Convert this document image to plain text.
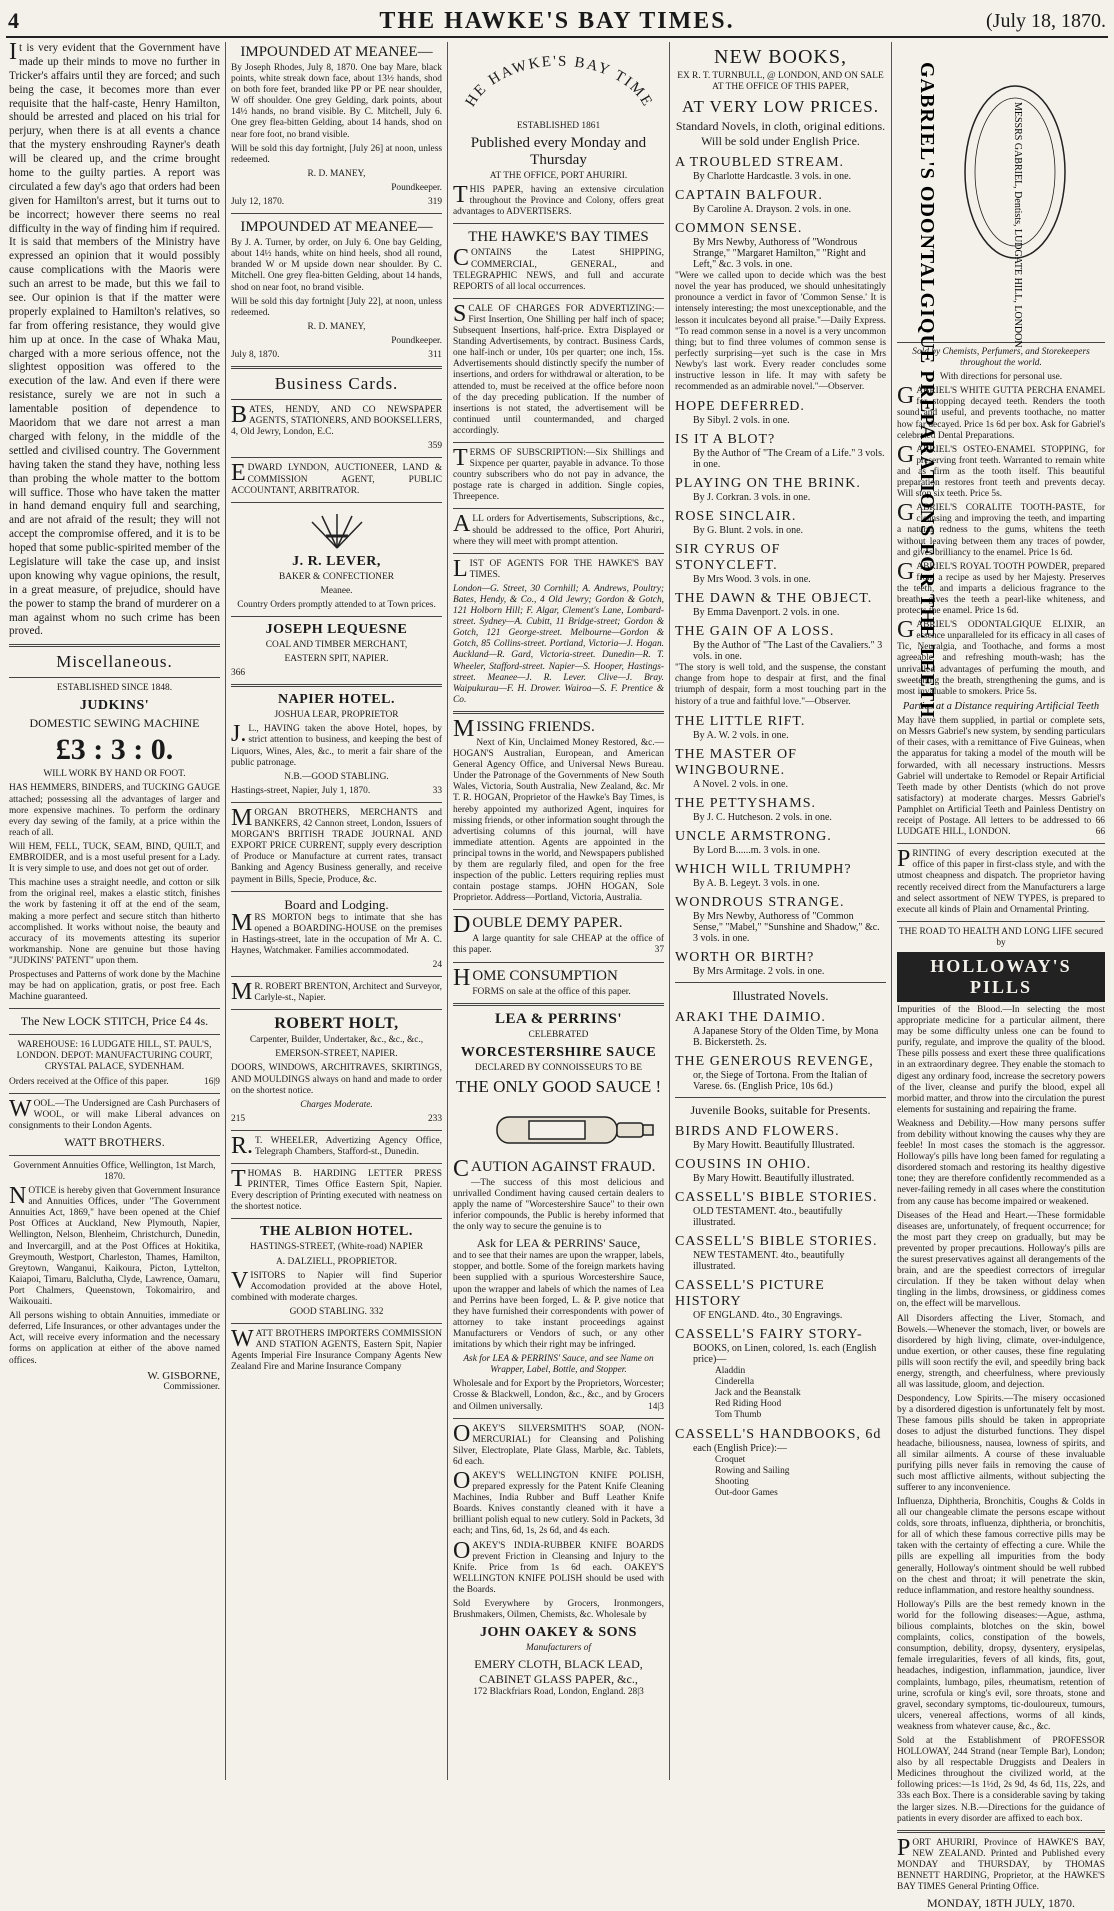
4	THE HAWKE'S BAY TIMES.	(July 18, 1870.

It is very evident that the Government have made up their minds to move no further in Tricker's affairs until they are forced; and such being the case, it becomes more than ever requisite that the half-caste, Henry Hamilton, should be arrested and placed on his trial for perjury, when there is at all events a chance that the mystery enshrouding Rayner's death will be cleared up, and the crime brought home to the guilty parties. A report was circulated a few day's ago that orders had been given for Hamilton's arrest, but it turns out to be incorrect; however there seems no real difficulty in the way of finding him if required. It is said that members of the Ministry have expressed an opinion that it would possibly cause complications with the Maoris were such an arrest to be made, but this we fail to see. Our opinion is that if the matter were properly explained to Hamilton's relatives, so far from offering resistance, they would give him up at once. In the case of Whaka Mau, charged with a more serious offence, not the slightest opposition was offered to the execution of the law. And even if there were resistance, surely we are not in such a lamentable position of dependence to Maoridom that we dare not arrest a man charged with felony, in the middle of the settled and civilised country. The Government having taken the stand they have, nothing less than probing the whole matter to the bottom will suffice. Those who have taken the matter in hand demand enquiry full and searching, and are not afraid of the result; they will not accept the compromise offered, and it is to be hoped that some public-spirited member of the Legislature will take the case up, and insist upon knowing why vague opinions, the result, in a great measure, of prejudice, should have the power to stamp the brand of murderer on a man against whom no such crime has been proved.

Miscellaneous.
ESTABLISHED SINCE 1848.
JUDKINS'
DOMESTIC SEWING MACHINE
£3 : 3 : 0.
WILL WORK BY HAND OR FOOT.

HAS HEMMERS, BINDERS, and TUCKING GAUGE attached; possessing all the advantages of larger and more expensive machines. To perform the ordinary every day sewing of the family, at a price within the reach of all.

Will HEM, FELL, TUCK, SEAM, BIND, QUILT, and EMBROIDER, and is a most useful present for a Lady. It is very simple to use, and does not get out of order.

This machine uses a straight needle, and cotton or silk from the original reel, makes a elastic stitch, finishes the work by fastening it off at the end of the seam, making a more perfect and secure stitch than hitherto accomplished. It works without noise, the beauty and accuracy of its movements attesting its superior workmanship. None are genuine but those having "JUDKINS' PATENT" upon them.

Prospectuses and Patterns of work done by the Machine may be had on application, gratis, or post free. Each Machine guaranteed.

The New LOCK STITCH, Price £4 4s.

WAREHOUSE: 16 LUDGATE HILL, ST. PAUL'S, LONDON. DEPOT: MANUFACTURING COURT, CRYSTAL PALACE, SYDENHAM.

Orders received at the Office of this paper.	16|9

WOOL.—The Undersigned are Cash Purchasers of WOOL, or will make Liberal advances on consignments to their London Agents.

WATT BROTHERS.

Government Annuities Office, Wellington, 1st March, 1870.

NOTICE is hereby given that Government Insurance and Annuities Offices, under "The Government Annuities Act, 1869," have been opened at the Chief Post Offices at Auckland, New Plymouth, Napier, Wellington, Nelson, Blenheim, Christchurch, Dunedin, and Invercargill, and at the Post Offices at Hokitika, Greymouth, Westport, Charleston, Thames, Hamilton, Greytown, Wanganui, Kaikoura, Picton, Lyttelton, Kaiapoi, Timaru, Balclutha, Clyde, Lawrence, Oamaru, Port Chalmers, Queenstown, Tokomairiro, and Waikouaiti.

All persons wishing to obtain Annuities, immediate or deferred, Life Insurances, or other advantages under the Act, will receive every information and the necessary forms on application at either of the above named offices.

W. GISBORNE,
Commissioner.
IMPOUNDED AT MEANEE—

By Joseph Rhodes, July 8, 1870. One bay Mare, black points, white streak down face, about 13½ hands, shod on both fore feet, branded like PP or PE near shoulder, W off shoulder. One grey Gelding, dark points, about 14½ hands, no brand visible. By C. Mitchell, July 6. One grey flea-bitten Gelding, about 14 hands, shod on near fore foot, no brand visible.

Will be sold this day fortnight, [July 26] at noon, unless redeemed.

R. D. MANEY,
Poundkeeper.

July 12, 1870.	319

IMPOUNDED AT MEANEE—

By J. A. Turner, by order, on July 6. One bay Gelding, about 14½ hands, white on hind heels, shod all round, branded W or M upside down near shoulder. By C. Mitchell. One grey flea-bitten Gelding, about 14 hands, shod on near foot, no brand visible.

Will be sold this day fortnight [July 22], at noon, unless redeemed.

R. D. MANEY,
Poundkeeper.

July 8, 1870.	311

Business Cards.

BATES, HENDY, AND CO NEWSPAPER AGENTS, STATIONERS, AND BOOKSELLERS, 4, Old Jewry, London, E.C.

359

EDWARD LYNDON, AUCTIONEER, LAND & COMMISSION AGENT, PUBLIC ACCOUNTANT, ARBITRATOR.

J. R. LEVER,
BAKER & CONFECTIONER
Meanee.

Country Orders promptly attended to at Town prices.

JOSEPH LEQUESNE
COAL AND TIMBER MERCHANT,
EASTERN SPIT, NAPIER.
366
NAPIER HOTEL.
JOSHUA LEAR, PROPRIETOR

J.L., HAVING taken the above Hotel, hopes, by strict attention to business, and keeping the best of Liquors, Wines, Ales, &c., to merit a fair share of the public patronage.

N.B.—GOOD STABLING.

Hastings-street, Napier, July 1, 1870.	33

MORGAN BROTHERS, MERCHANTS and BANKERS, 42 Cannon street, London, Issuers of MORGAN'S BRITISH TRADE JOURNAL AND EXPORT PRICE CURRENT, supply every description of Produce or Manufacture at current rates, transact Banking and Agency Business generally, and receive payment in Bills, Specie, Produce, &c.

Board and Lodging.

MRS MORTON begs to intimate that she has opened a BOARDING-HOUSE on the premises in Hastings-street, late in the occupation of Mr A. C. Haynes, Watchmaker. Families accommodated.

24

MR. ROBERT BRENTON, Architect and Surveyor, Carlyle-st., Napier.

ROBERT HOLT,
Carpenter, Builder, Undertaker, &c., &c., &c.,
EMERSON-STREET, NAPIER.

DOORS, WINDOWS, ARCHITRAVES, SKIRTINGS, AND MOULDINGS always on hand and made to order on the shortest notice.

Charges Moderate.

215	233

R.T. WHEELER, Advertizing Agency Office, Telegraph Chambers, Stafford-st., Dunedin.

THOMAS B. HARDING LETTER PRESS PRINTER, Times Office Eastern Spit, Napier. Every description of Printing executed with neatness on the shortest notice.

THE ALBION HOTEL.
HASTINGS-STREET, (White-road) NAPIER
A. DALZIELL, PROPRIETOR.

VISITORS to Napier will find Superior Accomodation provided at the above Hotel, combined with moderate charges.

GOOD STABLING. 332

WATT BROTHERS IMPORTERS COMMISSION AND STATION AGENTS, Eastern Spit, Napier Agents Imperial Fire Insurance Company Agents New Zealand Fire and Marine Insurance Company

HE HAWKE'S BAY TIME
ESTABLISHED 1861
Published every Monday and Thursday
AT THE OFFICE, PORT AHURIRI.

THIS PAPER, having an extensive circulation throughout the Province and Colony, offers great advantages to ADVERTISERS.

THE HAWKE'S BAY TIMES

CONTAINS the Latest SHIPPING, COMMERCIAL, GENERAL, and TELEGRAPHIC NEWS, and full and accurate REPORTS of all local occurrences.

SCALE OF CHARGES FOR ADVERTIZING:— First Insertion, One Shilling per half inch of space; Subsequent Insertions, half-price. Extra Displayed or Standing Advertisements, by contract. Business Cards, one half-inch or under, 10s per quarter; one inch, 15s. Advertisements should distinctly specify the number of insertions, and orders for withdrawal or alteration, to be attended to, must be received at the office before noon of the day preceding publication. If the number of insertions is not stated, the advertisement will be continued until countermanded, and charged accordingly.

TERMS OF SUBSCRIPTION:—Six Shillings and Sixpence per quarter, payable in advance. To those country subscribers who do not pay in advance, the postage rate is charged in addition. Single copies, Threepence.

ALL orders for Advertisements, Subscriptions, &c., should be addressed to the office, Port Ahuriri, where they will meet with prompt attention.

LIST OF AGENTS FOR THE HAWKE'S BAY TIMES.

London—G. Street, 30 Cornhill; A. Andrews, Poultry; Bates, Hendy, & Co., 4 Old Jewry; Gordon & Gotch, 121 Holborn Hill; F. Algar, Clement's Lane, Lombard-street. Sydney—A. Cubitt, 11 Bridge-street; Gordon & Gotch, 121 George-street. Melbourne—Gordon & Gotch, 85 Collins-street. Portland, Victoria—J. Hogan. Auckland—R. Gard, Victoria-street. Dunedin—R. T. Wheeler, Stafford-street. Napier—S. Hooper, Hastings-street. Meanee—J. R. Lever. Clive—J. Bray. Waipukurau—F. H. Drower. Wairoa—S. F. Prentice & Co.

MISSING FRIENDS.

Next of Kin, Unclaimed Money Restored, &c.—HOGAN'S Australian, European, and American General Agency Office, and Universal News Bureau. Under the Patronage of the Governments of New South Wales, Victoria, South Australia, New Zealand, &c. Mr T. R. HOGAN, Proprietor of the Hawke's Bay Times, is hereby appointed my authorized Agent, inquires for missing friends, or other information sought through the advertising columns of this journal, will have immediate attention. Agents are appointed in the principal towns in the world, and Newspapers published by them are regularly filed, and open for the free inspection of the public. Letters requiring replies must contain postage stamps. JOHN HOGAN, Sole Proprietor. Address—Portland, Victoria, Australia.

DOUBLE DEMY PAPER.

A large quantity for sale CHEAP at the office of this paper.	37

HOME CONSUMPTION

FORMS on sale at the office of this paper.

LEA & PERRINS'
CELEBRATED
WORCESTERSHIRE SAUCE
DECLARED BY CONNOISSEURS TO BE
THE ONLY GOOD SAUCE !
CAUTION AGAINST FRAUD.

—The success of this most delicious and unrivalled Condiment having caused certain dealers to apply the name of "Worcestershire Sauce" to their own inferior compounds, the Public is hereby informed that the only way to secure the genuine is to

Ask for LEA & PERRINS' Sauce,

and to see that their names are upon the wrapper, labels, stopper, and bottle. Some of the foreign markets having been supplied with a spurious Worcestershire Sauce, upon the wrapper and labels of which the names of Lea and Perrins have been forged, L. & P. give notice that they have furnished their correspondents with power of attorney to take instant proceedings against Manufacturers or Vendors of such, or any other imitations by which their right may be infringed.

Ask for LEA & PERRINS' Sauce, and see Name on Wrapper, Label, Bottle, and Stopper.

Wholesale and for Export by the Proprietors, Worcester; Crosse & Blackwell, London, &c., &c., and by Grocers and Oilmen universally.	14|3

OAKEY'S SILVERSMITH'S SOAP, (NON-MERCURIAL) for Cleansing and Polishing Silver, Electroplate, Plate Glass, Marble, &c. Tablets, 6d each.

OAKEY'S WELLINGTON KNIFE POLISH, prepared expressly for the Patent Knife Cleaning Machines, India Rubber and Buff Leather Knife Boards. Knives constantly cleaned with it have a brilliant polish equal to new cutlery. Sold in Packets, 3d each; and Tins, 6d, 1s, 2s 6d, and 4s each.

OAKEY'S INDIA-RUBBER KNIFE BOARDS prevent Friction in Cleansing and Injury to the Knife. Price from 1s 6d each. OAKEY'S WELLINGTON KNIFE POLISH should be used with the Boards.

Sold Everywhere by Grocers, Ironmongers, Brushmakers, Oilmen, Chemists, &c. Wholesale by

JOHN OAKEY & SONS
Manufacturers of
EMERY CLOTH, BLACK LEAD, CABINET GLASS PAPER, &c.,

172 Blackfriars Road, London, England. 28|3

NEW BOOKS,

EX R. T. TURNBULL, @ LONDON, AND ON SALE AT THE OFFICE OF THIS PAPER,

AT VERY LOW PRICES.

Standard Novels, in cloth, original editions. Will be sold under English Price.

A TROUBLED STREAM.
By Charlotte Hardcastle. 3 vols. in one.
CAPTAIN BALFOUR.
By Caroline A. Drayson. 2 vols. in one.
COMMON SENSE.
By Mrs Newby, Authoress of "Wondrous Strange," "Margaret Hamilton," "Right and Left," &c. 3 vols. in one.

"Were we called upon to decide which was the best novel the year has produced, we should unhesitatingly pronounce a verdict in favor of 'Common Sense.' It is intensely interesting; the most unexceptionable, and the lesson it inculcates beyond all praise."—Daily Express. "To read common sense in a novel is a very uncommon thing; but to find three volumes of common sense is perfectly surprising—yet such is the case in Mrs Newby's last work. Every reader concludes some instructive lesson in life. It may with safety be recommended as an admirable novel."—Observer.

HOPE DEFERRED.
By Sibyl. 2 vols. in one.
IS IT A BLOT?
By the Author of "The Cream of a Life." 3 vols. in one.
PLAYING ON THE BRINK.
By J. Corkran. 3 vols. in one.
ROSE SINCLAIR.
By G. Blunt. 2 vols. in one.
SIR CYRUS OF STONYCLEFT.
By Mrs Wood. 3 vols. in one.
THE DAWN & THE OBJECT.
By Emma Davenport. 2 vols. in one.
THE GAIN OF A LOSS.
By the Author of "The Last of the Cavaliers." 3 vols. in one.

"The story is well told, and the suspense, the constant change from hope to despair at first, and the final triumph of despair, form a most touching part in the history of a true and faithful love."—Observer.

THE LITTLE RIFT.
By A. W. 2 vols. in one.
THE MASTER OF WINGBOURNE.
A Novel. 2 vols. in one.
THE PETTYSHAMS.
By J. C. Hutcheson. 2 vols. in one.
UNCLE ARMSTRONG.
By Lord B......m. 3 vols. in one.
WHICH WILL TRIUMPH?
By A. B. Legeyt. 3 vols. in one.
WONDROUS STRANGE.
By Mrs Newby, Authoress of "Common Sense," "Mabel," "Sunshine and Shadow," &c. 3 vols. in one.
WORTH OR BIRTH?
By Mrs Armitage. 2 vols. in one.
Illustrated Novels.
ARAKI THE DAIMIO.
A Japanese Story of the Olden Time, by Mona B. Bickersteth. 2s.
THE GENEROUS REVENGE,
or, the Siege of Tortona. From the Italian of Varese. 6s. (English Price, 10s 6d.)
Juvenile Books, suitable for Presents.
BIRDS AND FLOWERS.
By Mary Howitt. Beautifully Illustrated.
COUSINS IN OHIO.
By Mary Howitt. Beautifully illustrated.
CASSELL'S BIBLE STORIES.
OLD TESTAMENT. 4to., beautifully illustrated.
CASSELL'S BIBLE STORIES.
NEW TESTAMENT. 4to., beautifully illustrated.
CASSELL'S PICTURE HISTORY
OF ENGLAND. 4to., 30 Engravings.
CASSELL'S FAIRY STORY-
BOOKS, on Linen, colored, 1s. each (English price)—
Aladdin
Cinderella
Jack and the Beanstalk
Red Riding Hood
Tom Thumb
CASSELL'S HANDBOOKS, 6d
each (English Price):—
Croquet
Rowing and Sailing
Shooting
Out-door Games
GABRIEL'S ODONTALGIQUE PREPARATIONS FOR THE TEETH	MESSRS GABRIEL, Dentists, LUDGATE HILL, LONDON

Sold by Chemists, Perfumers, and Storekeepers throughout the world.

With directions for personal use.

GABRIEL'S WHITE GUTTA PERCHA ENAMEL for stopping decayed teeth. Renders the tooth sound and useful, and prevents toothache, no matter how far decayed. Price 1s 6d per box. Ask for Gabriel's celebrated Dental Preparations.

GABRIEL'S OSTEO-ENAMEL STOPPING, for preserving front teeth. Warranted to remain white and as firm as the tooth itself. This beautiful preparation restores front teeth and prevents decay. Will stop six teeth. Price 5s.

GABRIEL'S CORALITE TOOTH-PASTE, for cleansing and improving the teeth, and imparting a natural redness to the gums, whitens the teeth without leaving between them any traces of powder, and gives brilliancy to the enamel. Price 1s 6d.

GABRIEL'S ROYAL TOOTH POWDER, prepared from a recipe as used by her Majesty. Preserves the teeth, and imparts a delicious fragrance to the breath, gives the teeth a pearl-like whiteness, and protects the enamel. Price 1s 6d.

GABRIEL'S ODONTALGIQUE ELIXIR, an essence unparalleled for its efficacy in all cases of Tic, Neuralgia, and Toothache, and forms a most agreeable and refreshing mouth-wash; has the unrivalled advantages of perfuming the mouth, and sweetening the breath, strengthening the gums, and is most invaluable to smokers. Price 5s.

Parties at a Distance requiring Artificial Teeth

May have them supplied, in partial or complete sets, on Messrs Gabriel's new system, by sending particulars of their cases, with a remittance of Five Guineas, when the apparatus for taking a model of the mouth will be forwarded, with all necessary instructions. Messrs Gabriel will undertake to Remodel or Repair Artificial Teeth made by other Dentists (which do not prove satisfactory) at moderate charges. Messrs Gabriel's Pamphlet on Artificial Teeth and Painless Dentistry on receipt of Postage. All letters to be addressed to 66 LUDGATE HILL, LONDON.	66

PRINTING of every description executed at the office of this paper in first-class style, and with the utmost cheapness and dispatch. The proprietor having recently received direct from the Manufacturers a large and select assortment of NEW TYPES, is prepared to execute all kinds of Plain and Ornamental Printing.

THE ROAD TO HEALTH AND LONG LIFE secured by
HOLLOWAY'S PILLS

Impurities of the Blood.—In selecting the most appropriate medicine for a particular ailment, there may be some difficulty unless one can be found to purify, regulate, and improve the quality of the blood. These pills possess and exert these three qualifications in an extraordinary degree. They enable the stomach to digest any ordinary food, increase the secretory powers of the liver, cleanse and purify the blood, expel all morbid matter, and throw into the circulation the purest elements for sustaining and repairing the frame.

Weakness and Debility.—How many persons suffer from debility without knowing the causes why they are feeble! In most cases the stomach is the aggressor. Holloway's pills have long been famed for regulating a disordered stomach and restoring its healthy digestive tone; they are therefore confidently recommended as a never-failing remedy in all cases where the constitution from any cause has become impaired or weakened.

Diseases of the Head and Heart.—These formidable diseases are, unfortunately, of frequent occurrence; for the most part they creep on gradually, but may be prevented by proper precautions. Holloway's pills are the surest preservatives against all derangements of the brain, and are the speediest correctors of irregular circulation. If they be taken without delay when tingling in the limbs, drowsiness, or giddiness comes on, the effect will be marvellous.

All Disorders affecting the Liver, Stomach, and Bowels.—Whenever the stomach, liver, or bowels are disordered by high living, climate, over-indulgence, undue exertion, or other causes, these fine regulating pills will soon rectify the evil, and speedily bring back energy, strength, and cheerfulness, where previously all was lassitude, gloom, and dejection.

Despondency, Low Spirits.—The misery occasioned by a disordered digestion is unfortunately felt by most. These famous pills should be taken in appropriate doses to adjust the disturbed functions. They dispel headache, biliousness, nausea, lowness of spirits, and all similar ailments. A course of these invaluable purifying pills never fails in removing the cause of such most afflictive ailments, without subjecting the sufferer to any inconvenience.

Influenza, Diphtheria, Bronchitis, Coughs & Colds in all our changeable climate the persons escape without colds, sore throats, influenza, diphtheria, or bronchitis, for all of which these famous corrective pills may be taken with the certainty of effecting a cure. While the pills are expelling all impurities from the body generally, Holloway's ointment should be well rubbed on the chest and throat; it will penetrate the skin, reduce inflammation, and restore healthy soundness.

Holloway's Pills are the best remedy known in the world for the following diseases:—Ague, asthma, bilious complaints, blotches on the skin, bowel complaints, colics, constipation of the bowels, consumption, debility, dropsy, dysentery, erysipelas, female irregularities, fevers of all kinds, fits, gout, headaches, indigestion, inflammation, jaundice, liver complaints, lumbago, piles, rheumatism, retention of urine, scrofula or king's evil, sore throats, stone and gravel, secondary symptoms, tic-douloureux, tumours, ulcers, venereal affections, worms of all kinds, weakness from whatever cause, &c., &c.

Sold at the Establishment of PROFESSOR HOLLOWAY, 244 Strand (near Temple Bar), London; also by all respectable Druggists and Dealers in Medicines throughout the civilized world, at the following prices:—1s 1½d, 2s 9d, 4s 6d, 11s, 22s, and 33s each Box. There is a considerable saving by taking the larger sizes. N.B.—Directions for the guidance of patients in every disorder are affixed to each box.

PORT AHURIRI, Province of HAWKE'S BAY, NEW ZEALAND. Printed and Published every MONDAY and THURSDAY, by THOMAS BENNETT HARDING, Proprietor, at the HAWKE'S BAY TIMES General Printing Office.

MONDAY, 18TH JULY, 1870.
